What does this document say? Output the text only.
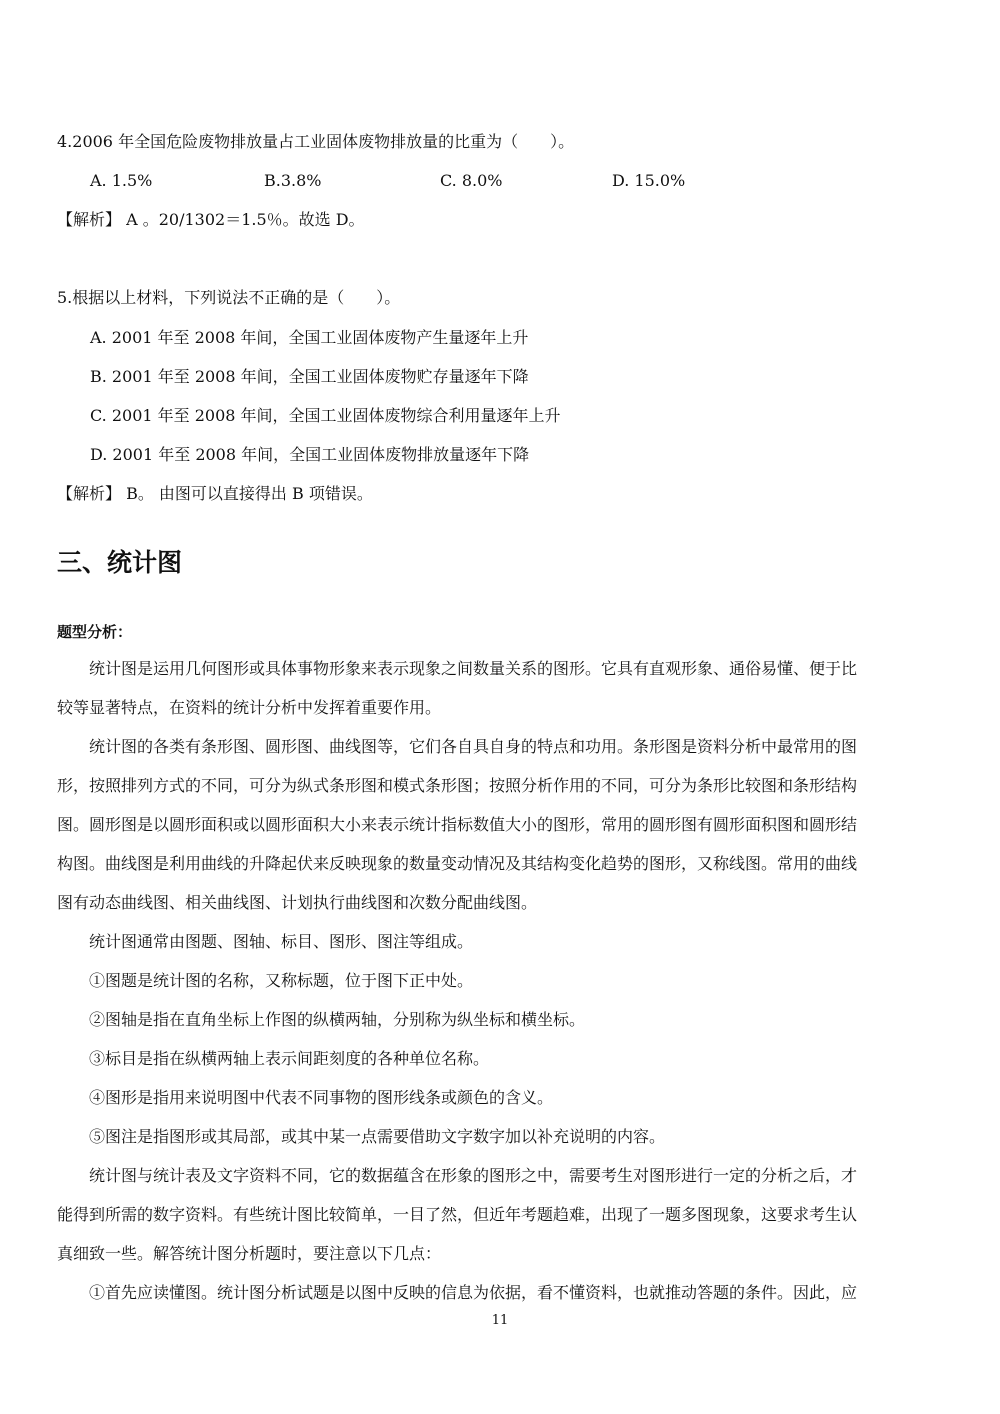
4.2006 年全国危险废物排放量占工业固体废物排放量的比重为（　　）。
A. 1.5%	B.3.8%	C. 8.0%	D. 15.0%
【解析】 A 。20/1302＝1.5％。故选 D。
5.根据以上材料，下列说法不正确的是（　　）。
A. 2001 年至 2008 年间，全国工业固体废物产生量逐年上升
B. 2001 年至 2008 年间，全国工业固体废物贮存量逐年下降
C. 2001 年至 2008 年间，全国工业固体废物综合利用量逐年上升
D. 2001 年至 2008 年间，全国工业固体废物排放量逐年下降
【解析】 B。 由图可以直接得出 B 项错误。
三、统计图
题型分析：
　　统计图是运用几何图形或具体事物形象来表示现象之间数量关系的图形。它具有直观形象、通俗易懂、便于比
较等显著特点，在资料的统计分析中发挥着重要作用。
　　统计图的各类有条形图、圆形图、曲线图等，它们各自具自身的特点和功用。条形图是资料分析中最常用的图
形，按照排列方式的不同，可分为纵式条形图和模式条形图；按照分析作用的不同，可分为条形比较图和条形结构
图。圆形图是以圆形面积或以圆形面积大小来表示统计指标数值大小的图形，常用的圆形图有圆形面积图和圆形结
构图。曲线图是利用曲线的升降起伏来反映现象的数量变动情况及其结构变化趋势的图形，又称线图。常用的曲线
图有动态曲线图、相关曲线图、计划执行曲线图和次数分配曲线图。
　　统计图通常由图题、图轴、标目、图形、图注等组成。
　　①图题是统计图的名称，又称标题，位于图下正中处。
　　②图轴是指在直角坐标上作图的纵横两轴，分别称为纵坐标和横坐标。
　　③标目是指在纵横两轴上表示间距刻度的各种单位名称。
　　④图形是指用来说明图中代表不同事物的图形线条或颜色的含义。
　　⑤图注是指图形或其局部，或其中某一点需要借助文字数字加以补充说明的内容。
　　统计图与统计表及文字资料不同，它的数据蕴含在形象的图形之中，需要考生对图形进行一定的分析之后，才
能得到所需的数字资料。有些统计图比较简单，一目了然，但近年考题趋难，出现了一题多图现象，这要求考生认
真细致一些。解答统计图分析题时，要注意以下几点：
　　①首先应读懂图。统计图分析试题是以图中反映的信息为依据，看不懂资料，也就推动答题的条件。因此，应
11
